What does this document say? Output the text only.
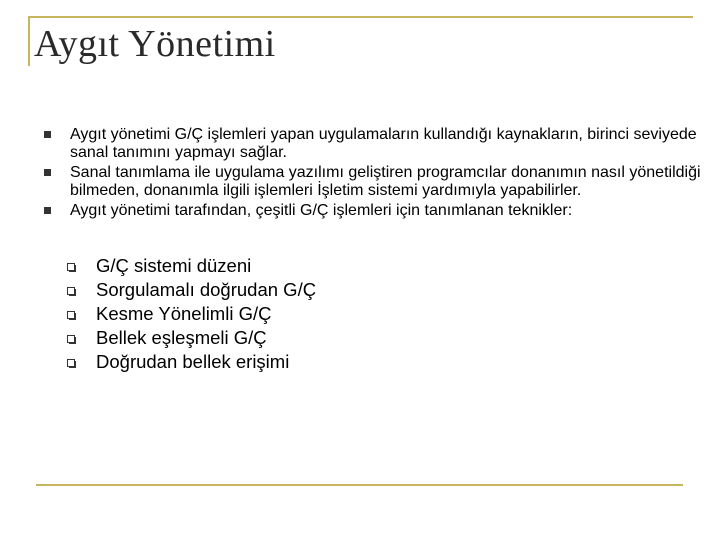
Aygıt Yönetimi
Aygıt yönetimi G/Ç işlemleri yapan uygulamaların kullandığı kaynakların, birinci seviyede sanal tanımını yapmayı sağlar.
Sanal tanımlama ile uygulama yazılımı geliştiren programcılar donanımın nasıl yönetildiği bilmeden, donanımla ilgili işlemleri İşletim sistemi yardımıyla yapabilirler.
Aygıt yönetimi tarafından, çeşitli G/Ç işlemleri için tanımlanan teknikler:
G/Ç sistemi düzeni
Sorgulamalı doğrudan G/Ç
Kesme Yönelimli G/Ç
Bellek eşleşmeli G/Ç
Doğrudan bellek erişimi
